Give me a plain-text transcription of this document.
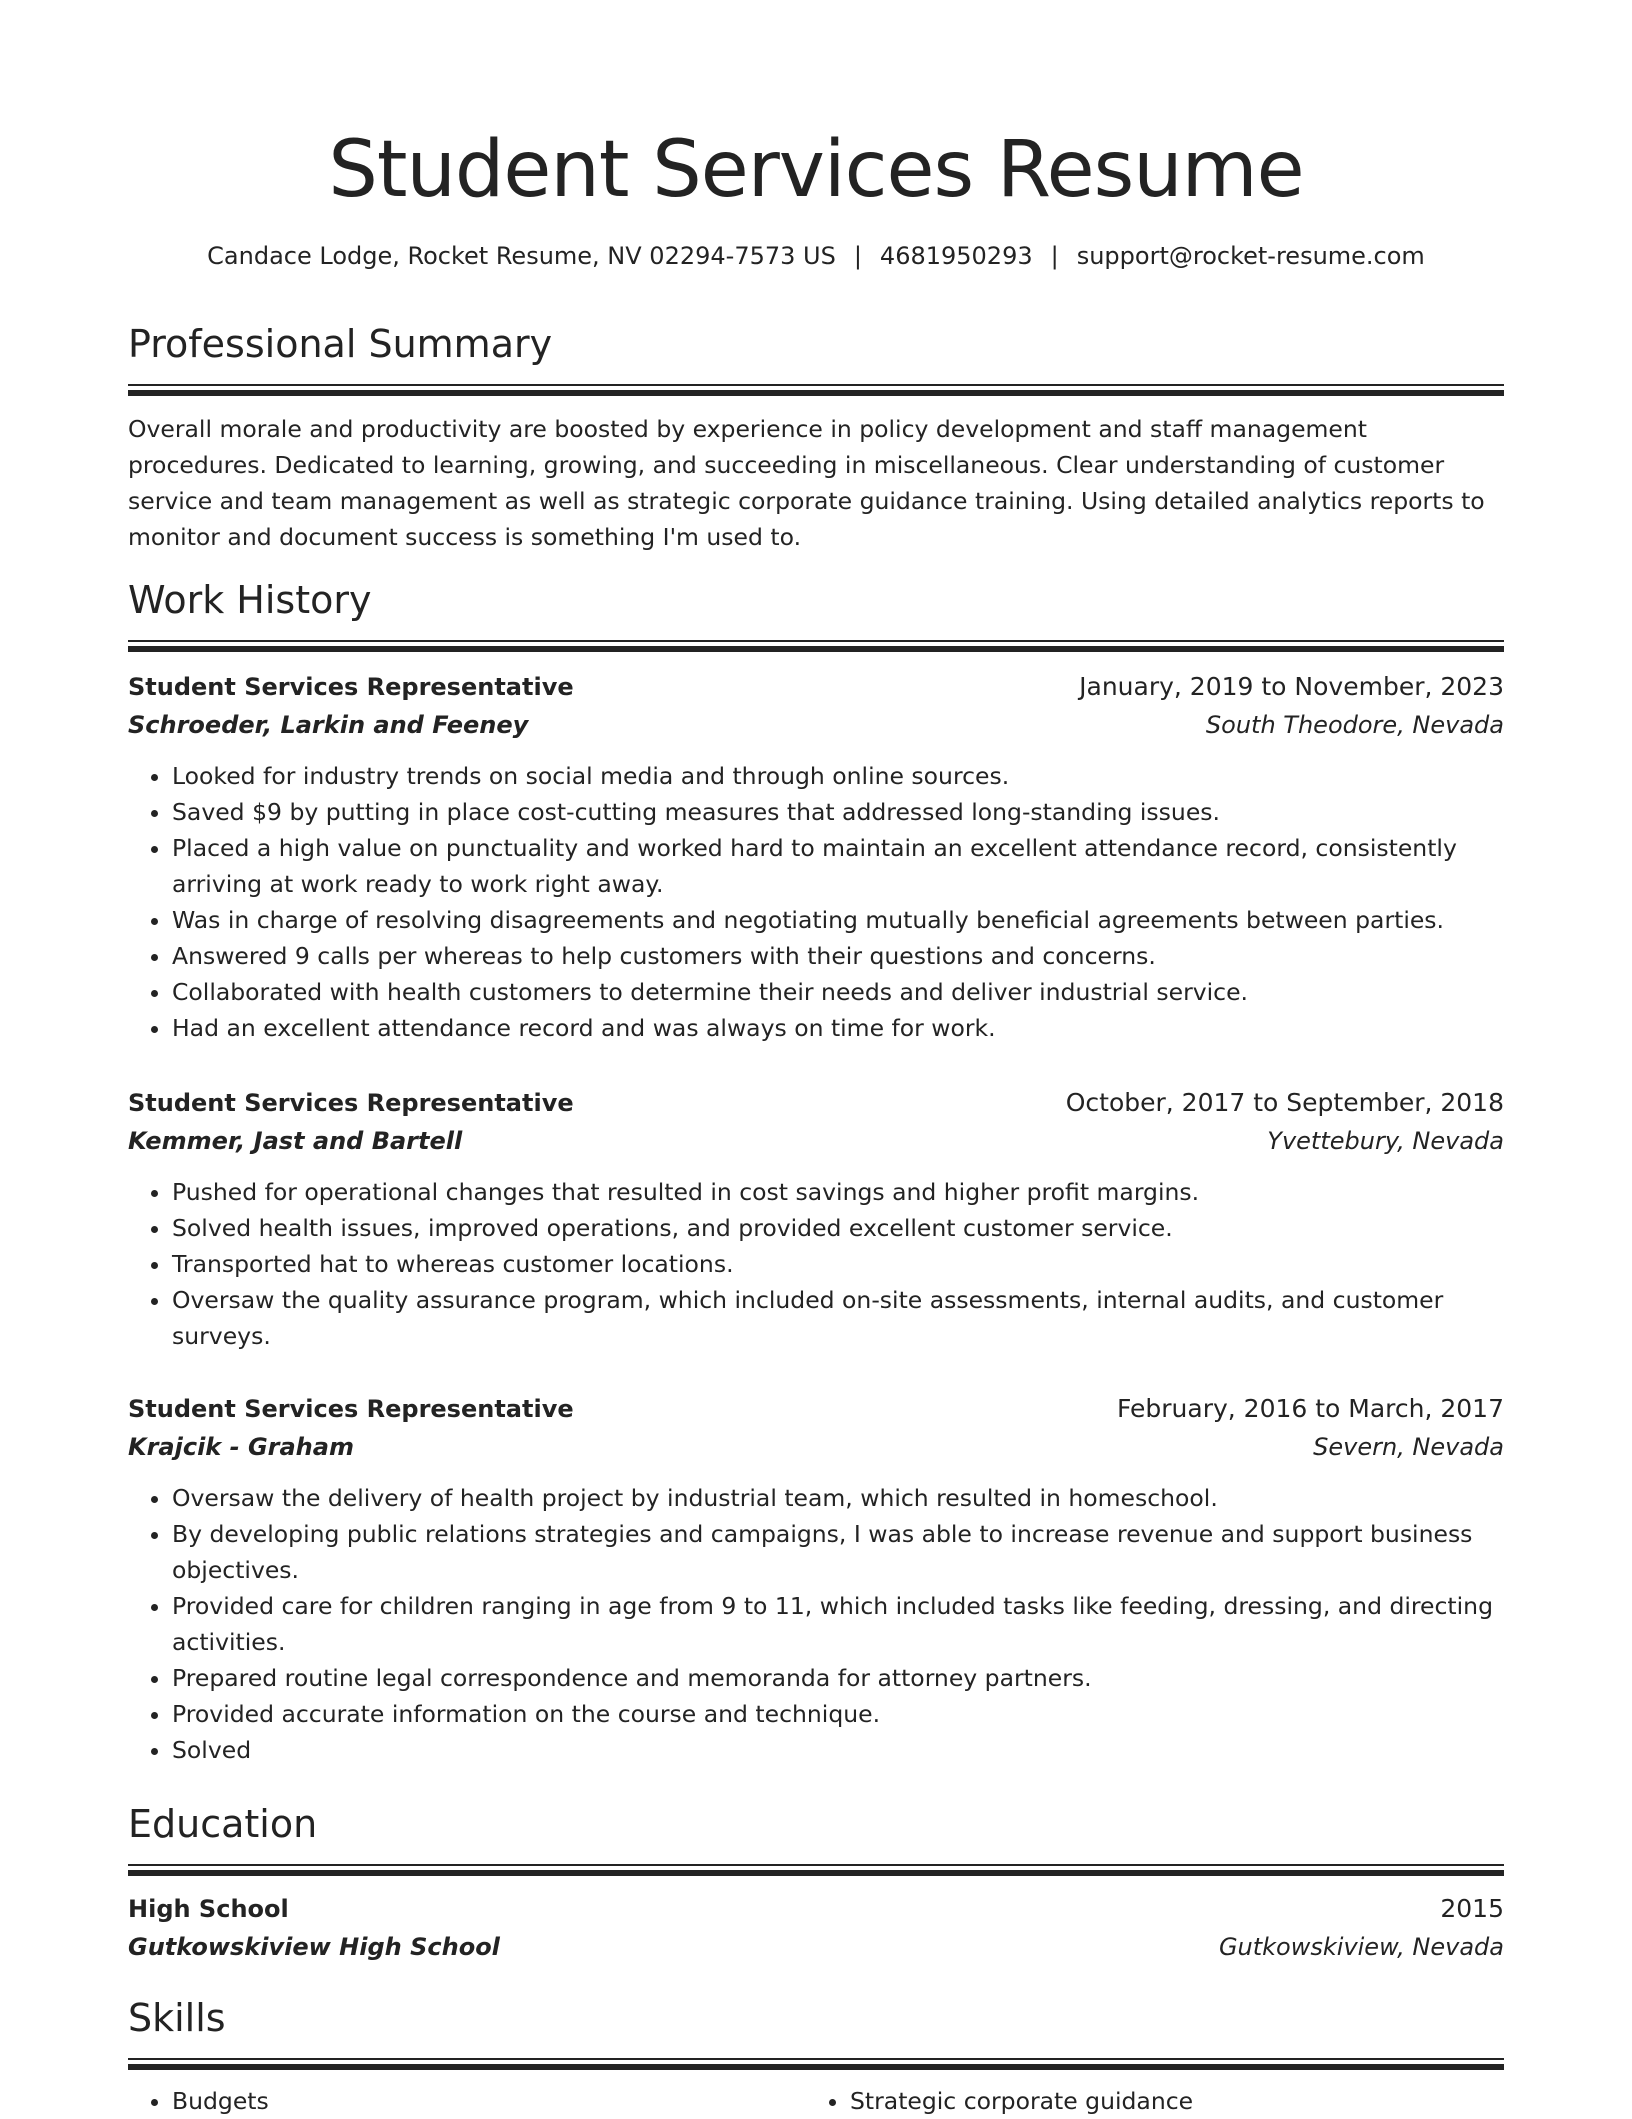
Student Services Resume
Candace Lodge, Rocket Resume, NV 02294-7573 US | 4681950293 | support@rocket-resume.com
Professional Summary
Overall morale and productivity are boosted by experience in policy development and staff management procedures. Dedicated to learning, growing, and succeeding in miscellaneous. Clear understanding of customer service and team management as well as strategic corporate guidance training. Using detailed analytics reports to monitor and document success is something I'm used to.
Work History
Student Services Representative	January, 2019 to November, 2023
Schroeder, Larkin and Feeney	South Theodore, Nevada
• Looked for industry trends on social media and through online sources.
• Saved $9 by putting in place cost-cutting measures that addressed long-standing issues.
• Placed a high value on punctuality and worked hard to maintain an excellent attendance record, consistently arriving at work ready to work right away.
• Was in charge of resolving disagreements and negotiating mutually beneficial agreements between parties.
• Answered 9 calls per whereas to help customers with their questions and concerns.
• Collaborated with health customers to determine their needs and deliver industrial service.
• Had an excellent attendance record and was always on time for work.
Student Services Representative	October, 2017 to September, 2018
Kemmer, Jast and Bartell	Yvettebury, Nevada
• Pushed for operational changes that resulted in cost savings and higher profit margins.
• Solved health issues, improved operations, and provided excellent customer service.
• Transported hat to whereas customer locations.
• Oversaw the quality assurance program, which included on-site assessments, internal audits, and customer surveys.
Student Services Representative	February, 2016 to March, 2017
Krajcik - Graham	Severn, Nevada
• Oversaw the delivery of health project by industrial team, which resulted in homeschool.
• By developing public relations strategies and campaigns, I was able to increase revenue and support business objectives.
• Provided care for children ranging in age from 9 to 11, which included tasks like feeding, dressing, and directing activities.
• Prepared routine legal correspondence and memoranda for attorney partners.
• Provided accurate information on the course and technique.
• Solved
Education
High School	2015
Gutkowskiview High School	Gutkowskiview, Nevada
Skills
• Budgets
•	Strategic corporate guidance
